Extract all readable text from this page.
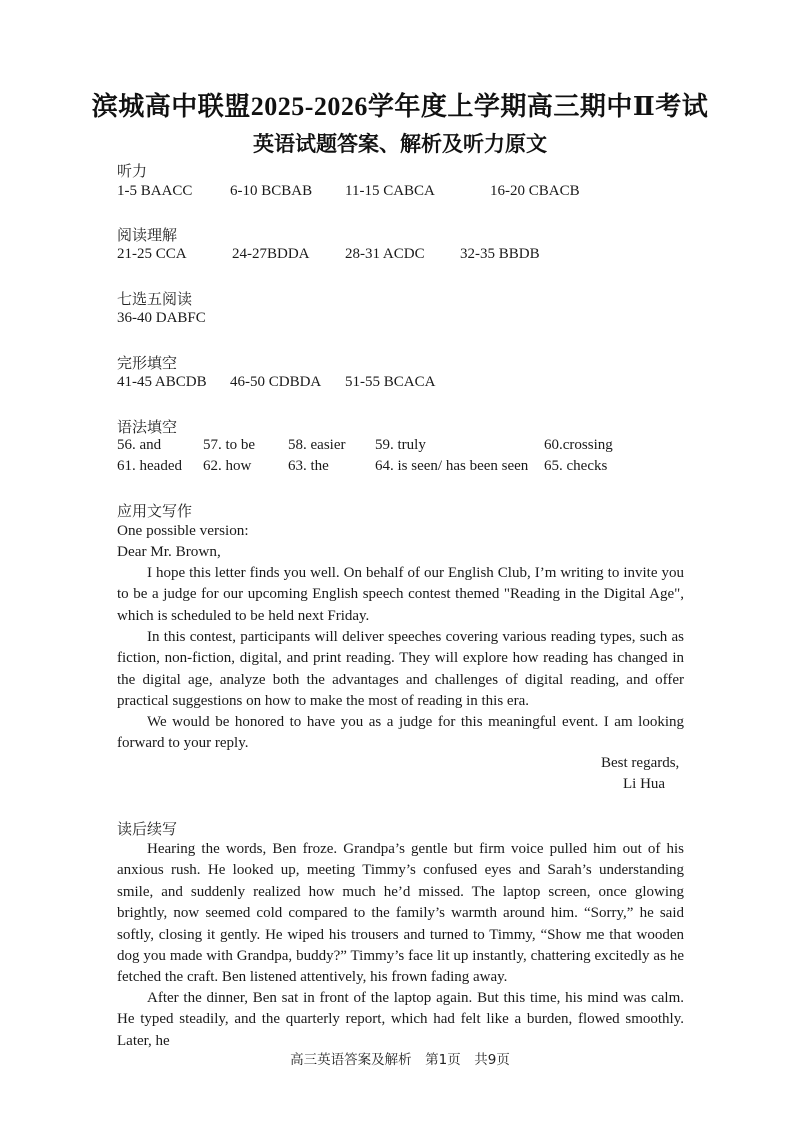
滨城高中联盟2025-2026学年度上学期高三期中Ⅱ考试
英语试题答案、解析及听力原文
听力
1-5 BAACC	6-10 BCBAB 11-15 CABCA	16-20 CBACB
阅读理解
21-25 CCA	24-27BDDA 28-31 ACDC 32-35 BBDB
七选五阅读
36-40 DABFC
完形填空
41-45 ABCDB 46-50 CDBDA 51-55 BCACA
语法填空
56. and	57. to be 58. easier 59. truly	60.crossing
61. headed 62. how 63. the	64. is seen/ has been seen 65. checks
应用文写作
One possible version:
Dear Mr. Brown,
I hope this letter finds you well. On behalf of our English Club, I’m writing to invite you to be a judge for our upcoming English speech contest themed "Reading in the Digital Age", which is scheduled to be held next Friday.
In this contest, participants will deliver speeches covering various reading types, such as fiction, non-fiction, digital, and print reading. They will explore how reading has changed in the digital age, analyze both the advantages and challenges of digital reading, and offer practical suggestions on how to make the most of reading in this era.
We would be honored to have you as a judge for this meaningful event. I am looking forward to your reply.
Best regards,
Li Hua
读后续写
Hearing the words, Ben froze. Grandpa’s gentle but firm voice pulled him out of his anxious rush. He looked up, meeting Timmy’s confused eyes and Sarah’s understanding smile, and suddenly realized how much he’d missed. The laptop screen, once glowing brightly, now seemed cold compared to the family’s warmth around him. “Sorry,” he said softly, closing it gently. He wiped his trousers and turned to Timmy, “Show me that wooden dog you made with Grandpa, buddy?” Timmy’s face lit up instantly, chattering excitedly as he fetched the craft. Ben listened attentively, his frown fading away.
After the dinner, Ben sat in front of the laptop again. But this time, his mind was calm. He typed steadily, and the quarterly report, which had felt like a burden, flowed smoothly. Later, he
高三英语答案及解析　第1页　共9页
